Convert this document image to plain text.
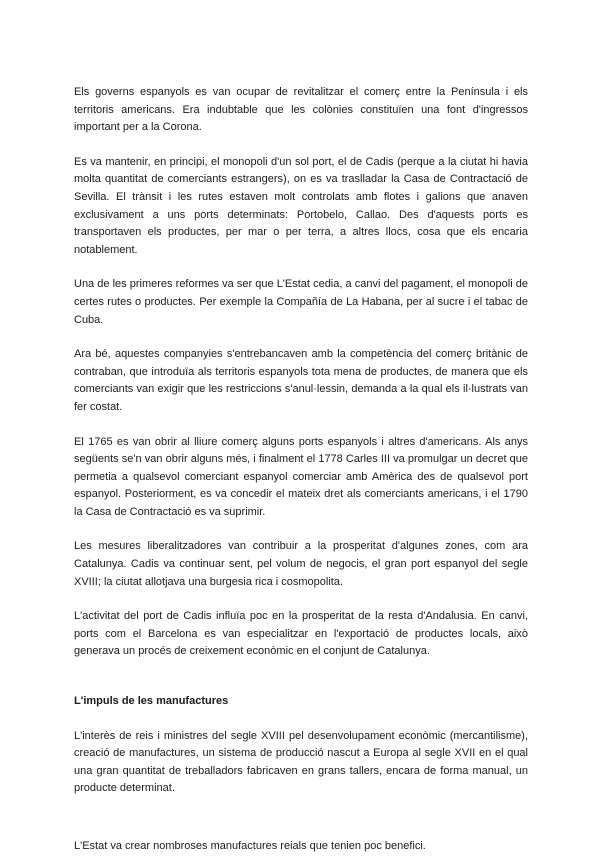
Els governs espanyols es van ocupar de revitalitzar el comerç entre la Península i els territoris americans. Era indubtable que les colònies constituïen una font d'ingressos important per a la Corona.

Es va mantenir, en principi, el monopoli d'un sol port, el de Cadis (perque a la ciutat hi havia molta quantitat de comerciants estrangers), on es va traslladar la Casa de Contractació de Sevilla. El trànsit i les rutes estaven molt controlats amb flotes i galions que anaven exclusivament a uns ports determinats: Portobelo, Callao. Des d'aquests ports es transportaven els productes, per mar o per terra, a altres llocs, cosa que els encaria notablement.

Una de les primeres reformes va ser que L'Estat cedia, a canvi del pagament, el monopoli de certes rutes o productes. Per exemple la Compañía de La Habana, per al sucre i el tabac de Cuba.

Ara bé, aquestes companyies s'entrebancaven amb la competència del comerç britànic de contraban, que introduïa als territoris espanyols tota mena de productes, de manera que els comerciants van exigir que les restriccions s'anul·lessin, demanda a la qual els il·lustrats van fer costat.

El 1765 es van obrir al lliure comerç alguns ports espanyols i altres d'americans. Als anys següents se'n van obrir alguns més, i finalment el 1778 Carles III va promulgar un decret que permetia a qualsevol comerciant espanyol comerciar amb Amèrica des de qualsevol port espanyol. Posteriorment, es va concedir el mateix dret als comerciants americans, i el 1790 la Casa de Contractació es va suprimir.

Les mesures liberalitzadores van contribuir a la prosperitat d'algunes zones, com ara Catalunya. Cadis va continuar sent, pel volum de negocis, el gran port espanyol del segle XVIII; la ciutat allotjava una burgesia rica i cosmopolita.

L'activitat del port de Cadis influïa poc en la prosperitat de la resta d'Andalusia. En canvi, ports com el Barcelona es van especialitzar en l'exportació de productes locals, això generava un procés de creixement econòmic en el conjunt de Catalunya.

L'impuls de les manufactures

L'interès de reis i ministres del segle XVIII pel desenvolupament econòmic (mercantilisme), creació de manufactures, un sistema de producció nascut a Europa al segle XVII en el qual una gran quantitat de treballadors fabricaven en grans tallers, encara de forma manual, un producte determinat.

L'Estat va crear nombroses manufactures reials que tenien poc benefici.
